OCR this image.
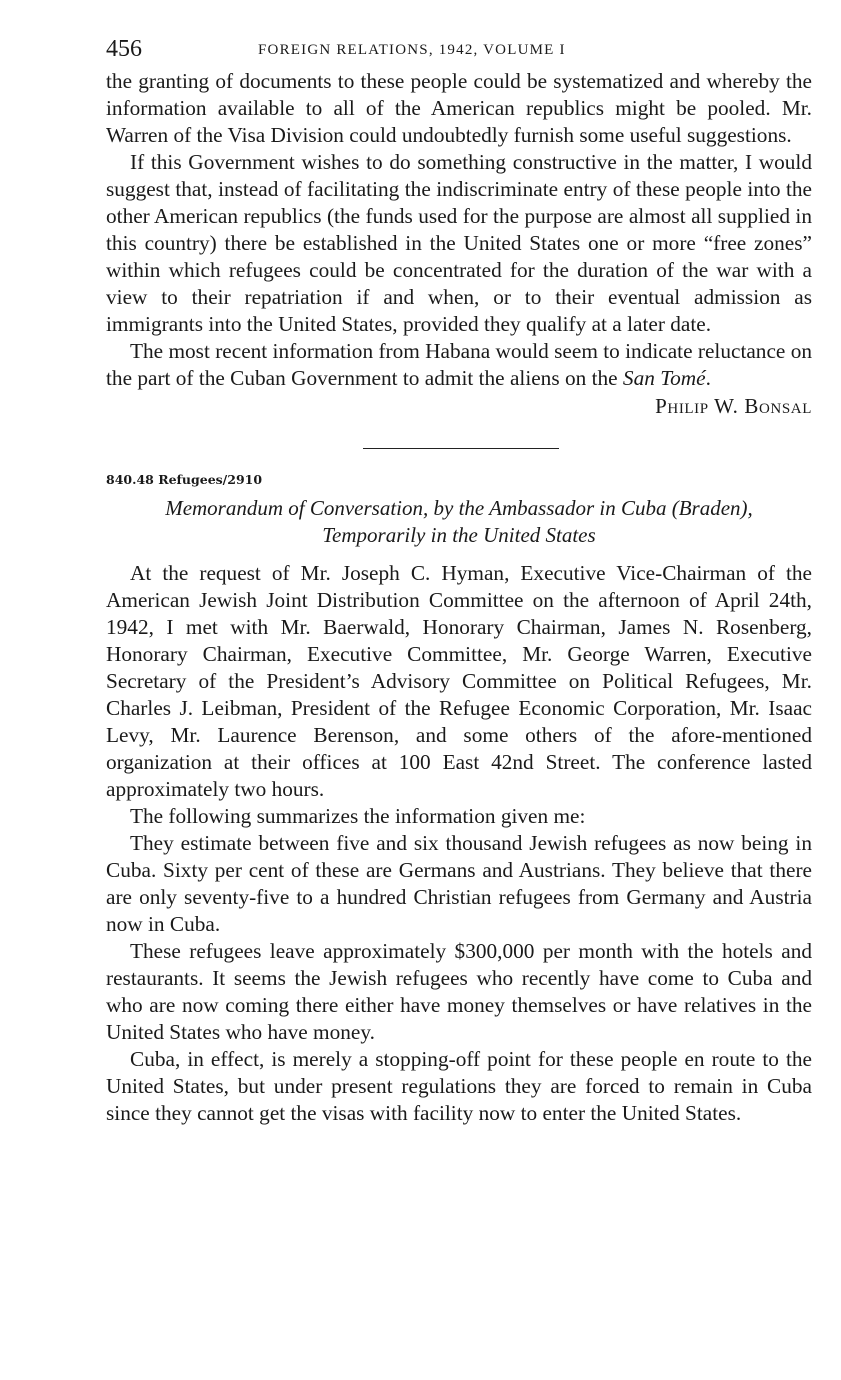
456	FOREIGN RELATIONS, 1942, VOLUME I

the granting of documents to these people could be systematized and whereby the information available to all of the American republics might be pooled. Mr. Warren of the Visa Division could undoubtedly furnish some useful suggestions.

If this Government wishes to do something constructive in the matter, I would suggest that, instead of facilitating the indiscriminate entry of these people into the other American republics (the funds used for the purpose are almost all supplied in this country) there be established in the United States one or more “free zones” within which refugees could be concentrated for the duration of the war with a view to their repatriation if and when, or to their eventual admission as immigrants into the United States, provided they qualify at a later date.

The most recent information from Habana would seem to indicate reluctance on the part of the Cuban Government to admit the aliens on the San Tomé.

Philip W. Bonsal
840.48 Refugees/2910
Memorandum of Conversation, by the Ambassador in Cuba (Braden),
Temporarily in the United States

At the request of Mr. Joseph C. Hyman, Executive Vice-Chairman of the American Jewish Joint Distribution Committee on the afternoon of April 24th, 1942, I met with Mr. Baerwald, Honorary Chairman, James N. Rosenberg, Honorary Chairman, Executive Committee, Mr. George Warren, Executive Secretary of the President’s Advisory Committee on Political Refugees, Mr. Charles J. Leibman, President of the Refugee Economic Corporation, Mr. Isaac Levy, Mr. Laurence Berenson, and some others of the afore-mentioned organization at their offices at 100 East 42nd Street. The conference lasted approximately two hours.

The following summarizes the information given me:

They estimate between five and six thousand Jewish refugees as now being in Cuba. Sixty per cent of these are Germans and Austrians. They believe that there are only seventy-five to a hundred Christian refugees from Germany and Austria now in Cuba.

These refugees leave approximately $300,000 per month with the hotels and restaurants. It seems the Jewish refugees who recently have come to Cuba and who are now coming there either have money themselves or have relatives in the United States who have money.

Cuba, in effect, is merely a stopping-off point for these people en route to the United States, but under present regulations they are forced to remain in Cuba since they cannot get the visas with facility now to enter the United States.
